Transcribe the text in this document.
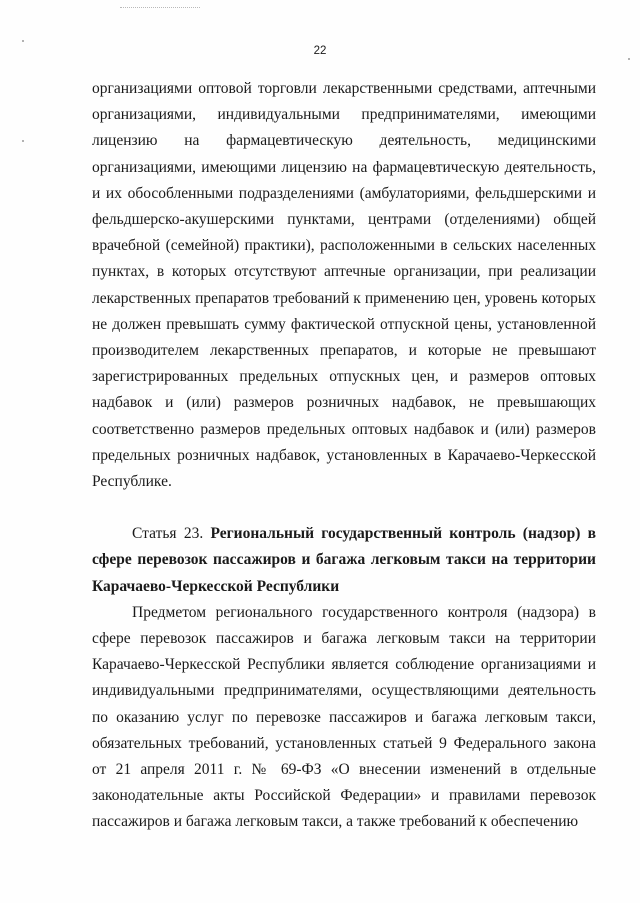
22

организациями оптовой торговли лекарственными средствами, аптечными организациями, индивидуальными предпринимателями, имеющими лицензию на фармацевтическую деятельность, медицинскими организациями, имеющими лицензию на фармацевтическую деятельность, и их обособленными подразделениями (амбулаториями, фельдшерскими и фельдшерско-акушерскими пунктами, центрами (отделениями) общей врачебной (семейной) практики), расположенными в сельских населенных пунктах, в которых отсутствуют аптечные организации, при реализации лекарственных препаратов требований к применению цен, уровень которых не должен превышать сумму фактической отпускной цены, установленной производителем лекарственных препаратов, и которые не превышают зарегистрированных предельных отпускных цен, и размеров оптовых надбавок и (или) размеров розничных надбавок, не превышающих соответственно размеров предельных оптовых надбавок и (или) размеров предельных розничных надбавок, установленных в Карачаево-Черкесской Республике.

Статья 23. Региональный государственный контроль (надзор) в сфере перевозок пассажиров и багажа легковым такси на территории Карачаево-Черкесской Республики

Предметом регионального государственного контроля (надзора) в сфере перевозок пассажиров и багажа легковым такси на территории Карачаево-Черкесской Республики является соблюдение организациями и индивидуальными предпринимателями, осуществляющими деятельность по оказанию услуг по перевозке пассажиров и багажа легковым такси, обязательных требований, установленных статьей 9 Федерального закона от 21 апреля 2011 г. № 69-ФЗ «О внесении изменений в отдельные законодательные акты Российской Федерации» и правилами перевозок пассажиров и багажа легковым такси, а также требований к обеспечению
